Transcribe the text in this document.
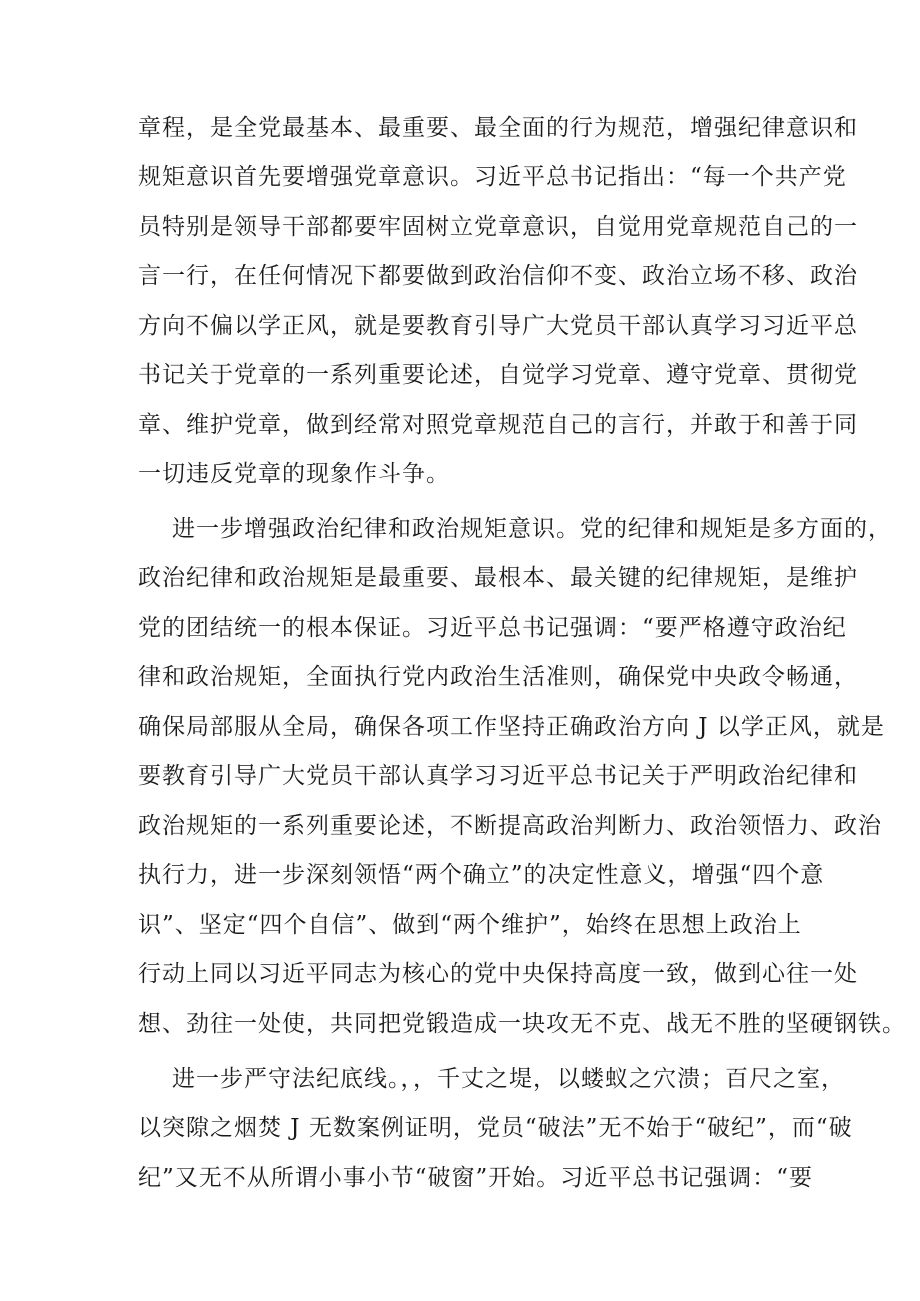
章程，是全党最基本、最重要、最全面的行为规范，增强纪律意识和
规矩意识首先要增强党章意识。习近平总书记指出：“每一个共产党
员特别是领导干部都要牢固树立党章意识，自觉用党章规范自己的一
言一行，在任何情况下都要做到政治信仰不变、政治立场不移、政治
方向不偏以学正风，就是要教育引导广大党员干部认真学习习近平总
书记关于党章的一系列重要论述，自觉学习党章、遵守党章、贯彻党
章、维护党章，做到经常对照党章规范自己的言行，并敢于和善于同
一切违反党章的现象作斗争。
进一步增强政治纪律和政治规矩意识。党的纪律和规矩是多方面的，
政治纪律和政治规矩是最重要、最根本、最关键的纪律规矩，是维护
党的团结统一的根本保证。习近平总书记强调：“要严格遵守政治纪
律和政治规矩，全面执行党内政治生活准则，确保党中央政令畅通，
确保局部服从全局，确保各项工作坚持正确政治方向 J 以学正风，就是
要教育引导广大党员干部认真学习习近平总书记关于严明政治纪律和
政治规矩的一系列重要论述，不断提高政治判断力、政治领悟力、政治
执行力，进一步深刻领悟“两个确立”的决定性意义，增强“四个意
识”、坚定“四个自信”、做到“两个维护”，始终在思想上政治上
行动上同以习近平同志为核心的党中央保持高度一致，做到心往一处
想、劲往一处使，共同把党锻造成一块攻无不克、战无不胜的坚硬钢铁。
进一步严守法纪底线。，，千丈之堤，以蝼蚁之穴溃；百尺之室，
以突隙之烟焚 J 无数案例证明，党员“破法”无不始于“破纪”，而“破
纪”又无不从所谓小事小节“破窗”开始。习近平总书记强调：“要
